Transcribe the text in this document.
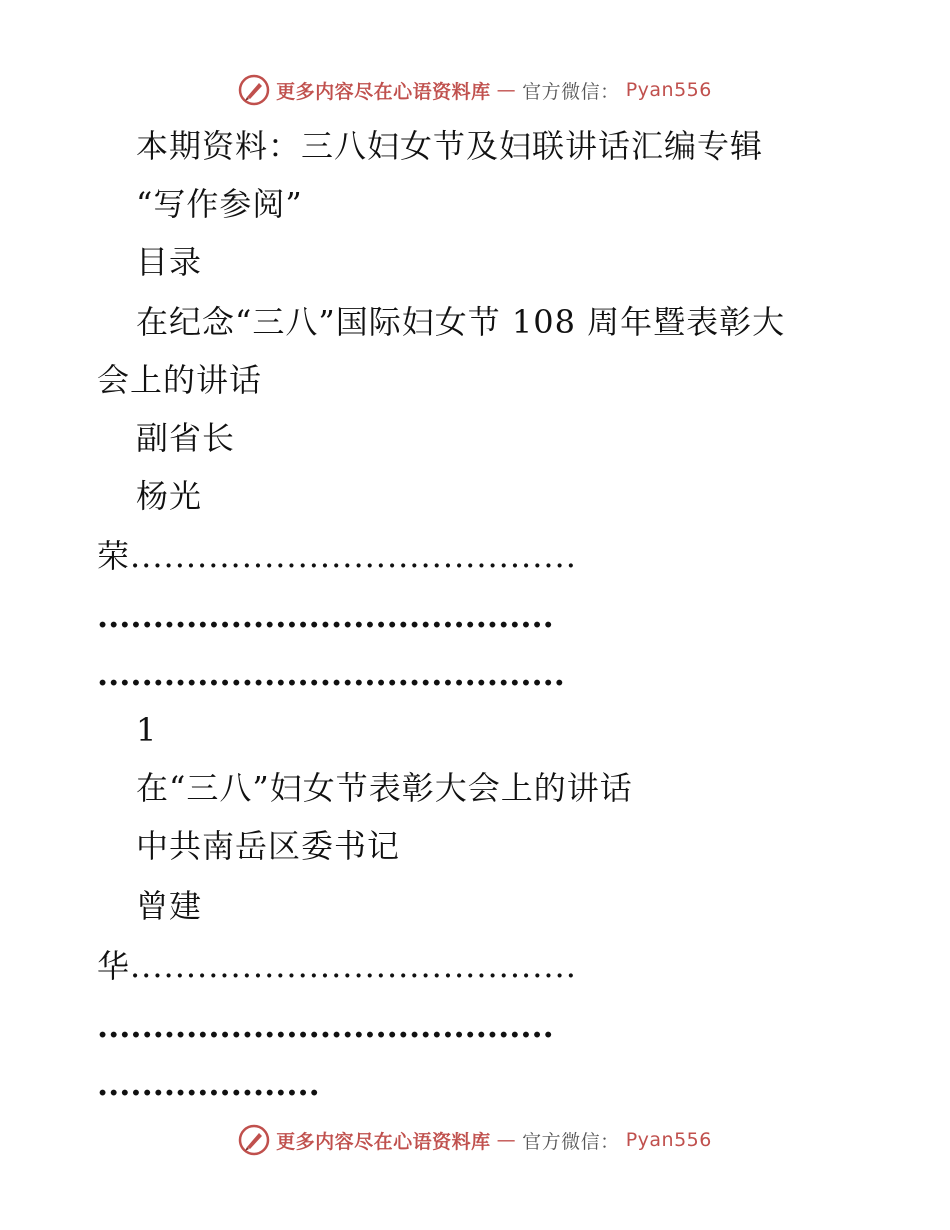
更多内容尽在心语资料库 — 官方微信： Pyan556
本期资料：三八妇女节及妇联讲话汇编专辑
“写作参阅”
目录
在纪念“三八”国际妇女节 108 周年暨表彰大
会上的讲话
副省长
杨光
荣........................................
.........................................
..........................................
1
在“三八”妇女节表彰大会上的讲话
中共南岳区委书记
曾建
华........................................
.........................................
....................
更多内容尽在心语资料库 — 官方微信： Pyan556
